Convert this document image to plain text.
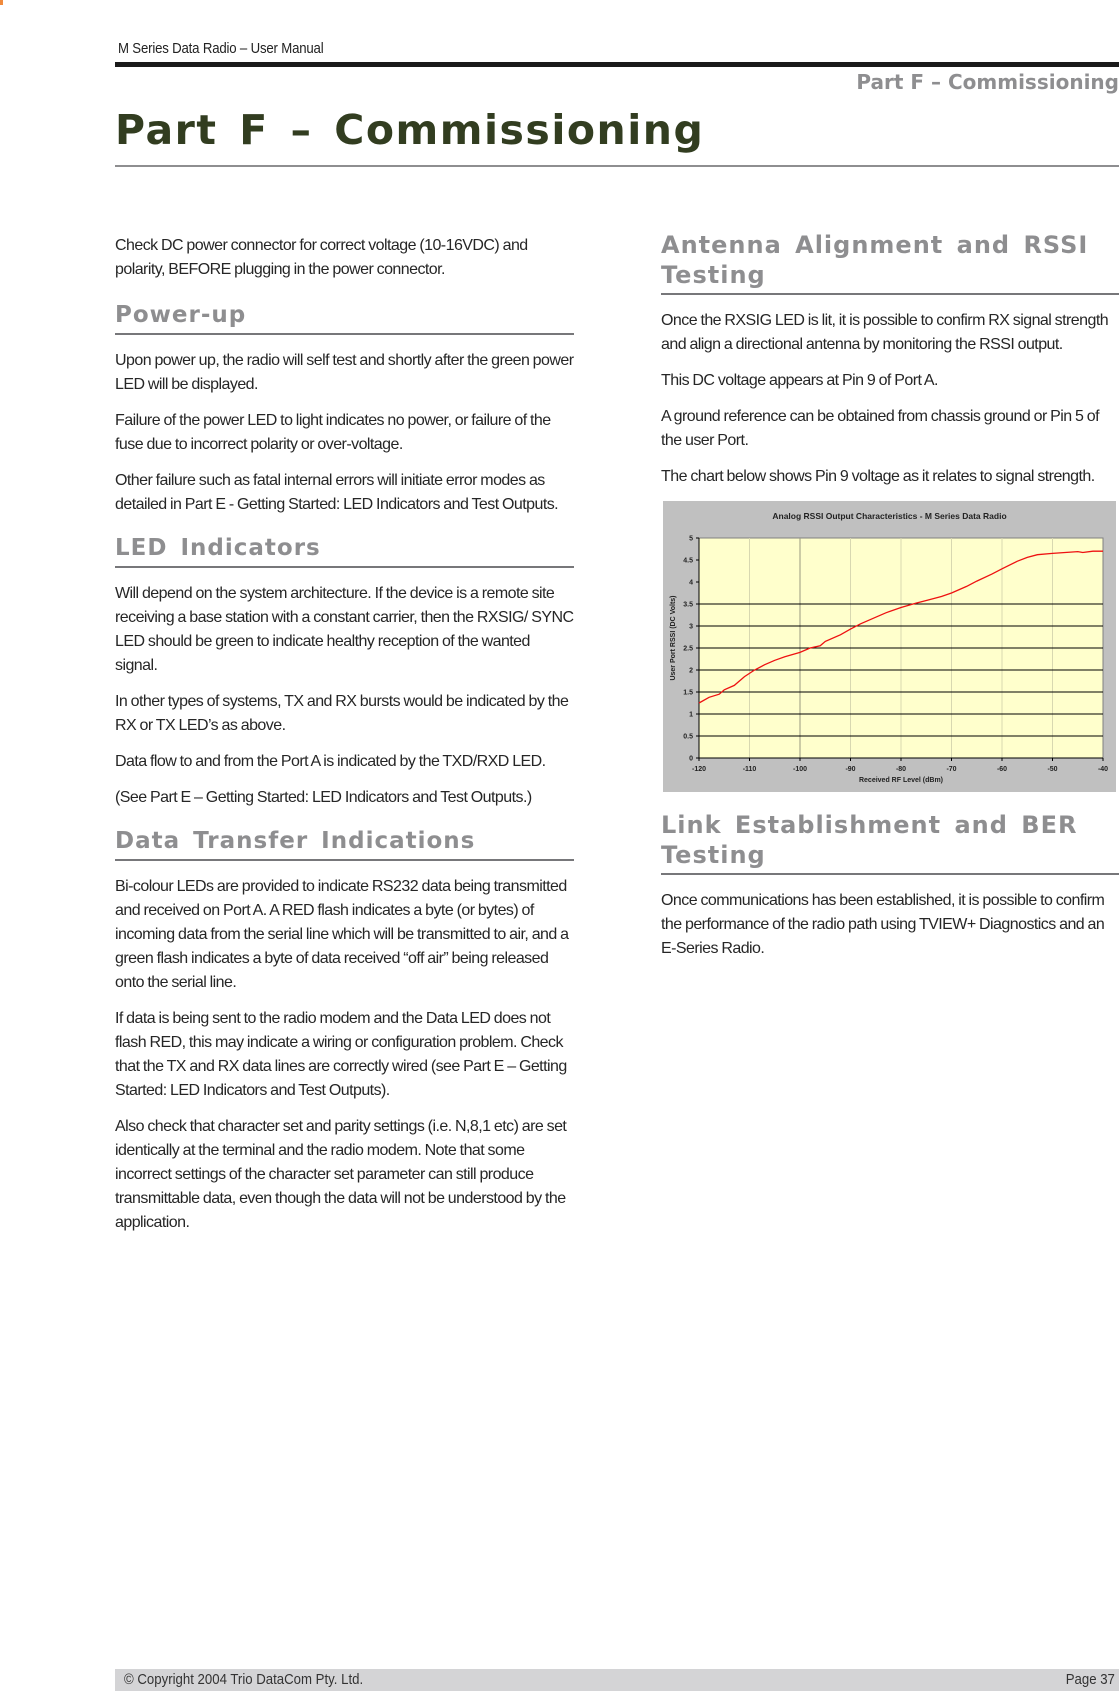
M Series Data Radio – User Manual
Part F – Commissioning
Part F – Commissioning

Check DC power connector for correct voltage (10-16VDC) and polarity, BEFORE plugging in the power connector.

Power-up

Upon power up, the radio will self test and shortly after the green power LED will be displayed.

Failure of the power LED to light indicates no power, or failure of the fuse due to incorrect polarity or over-voltage.

Other failure such as fatal internal errors will initiate error modes as detailed in Part E - Getting Started: LED Indicators and Test Outputs.

LED Indicators

Will depend on the system architecture. If the device is a remote site receiving a base station with a constant carrier, then the RXSIG/ SYNC LED should be green to indicate healthy reception of the wanted signal.

In other types of systems, TX and RX bursts would be indicated by the RX or TX LED’s as above.

Data flow to and from the Port A is indicated by the TXD/RXD LED.

(See Part E – Getting Started: LED Indicators and Test Outputs.)

Data Transfer Indications

Bi-colour LEDs are provided to indicate RS232 data being transmitted and received on Port A. A RED flash indicates a byte (or bytes) of incoming data from the serial line which will be transmitted to air, and a green flash indicates a byte of data received “off air” being released onto the serial line.

If data is being sent to the radio modem and the Data LED does not flash RED, this may indicate a wiring or configuration problem. Check that the TX and RX data lines are correctly wired (see Part E – Getting Started: LED Indicators and Test Outputs).

Also check that character set and parity settings (i.e. N,8,1 etc) are set identically at the terminal and the radio modem. Note that some incorrect settings of the character set parameter can still produce transmittable data, even though the data will not be understood by the application.

Antenna Alignment and RSSI Testing

Once the RXSIG LED is lit, it is possible to confirm RX signal strength and align a directional antenna by monitoring the RSSI output.

This DC voltage appears at Pin 9 of Port A.

A ground reference can be obtained from chassis ground or Pin 5 of the user Port.

The chart below shows Pin 9 voltage as it relates to signal strength.

Analog RSSI Output Characteristics - M Series Data Radio
-120	-110	-100	-90	-80	-70	-60	-50	-40
0
0.5
1
1.5
2
2.5
3
3.5
4
4.5
5
Received RF Level (dBm)
User Port RSSI (DC Volts)
Link Establishment and BER Testing

Once communications has been established, it is possible to confirm the performance of the radio path using TVIEW+ Diagnostics and an E-Series Radio.

© Copyright 2004 Trio DataCom Pty. Ltd.	Page 37
